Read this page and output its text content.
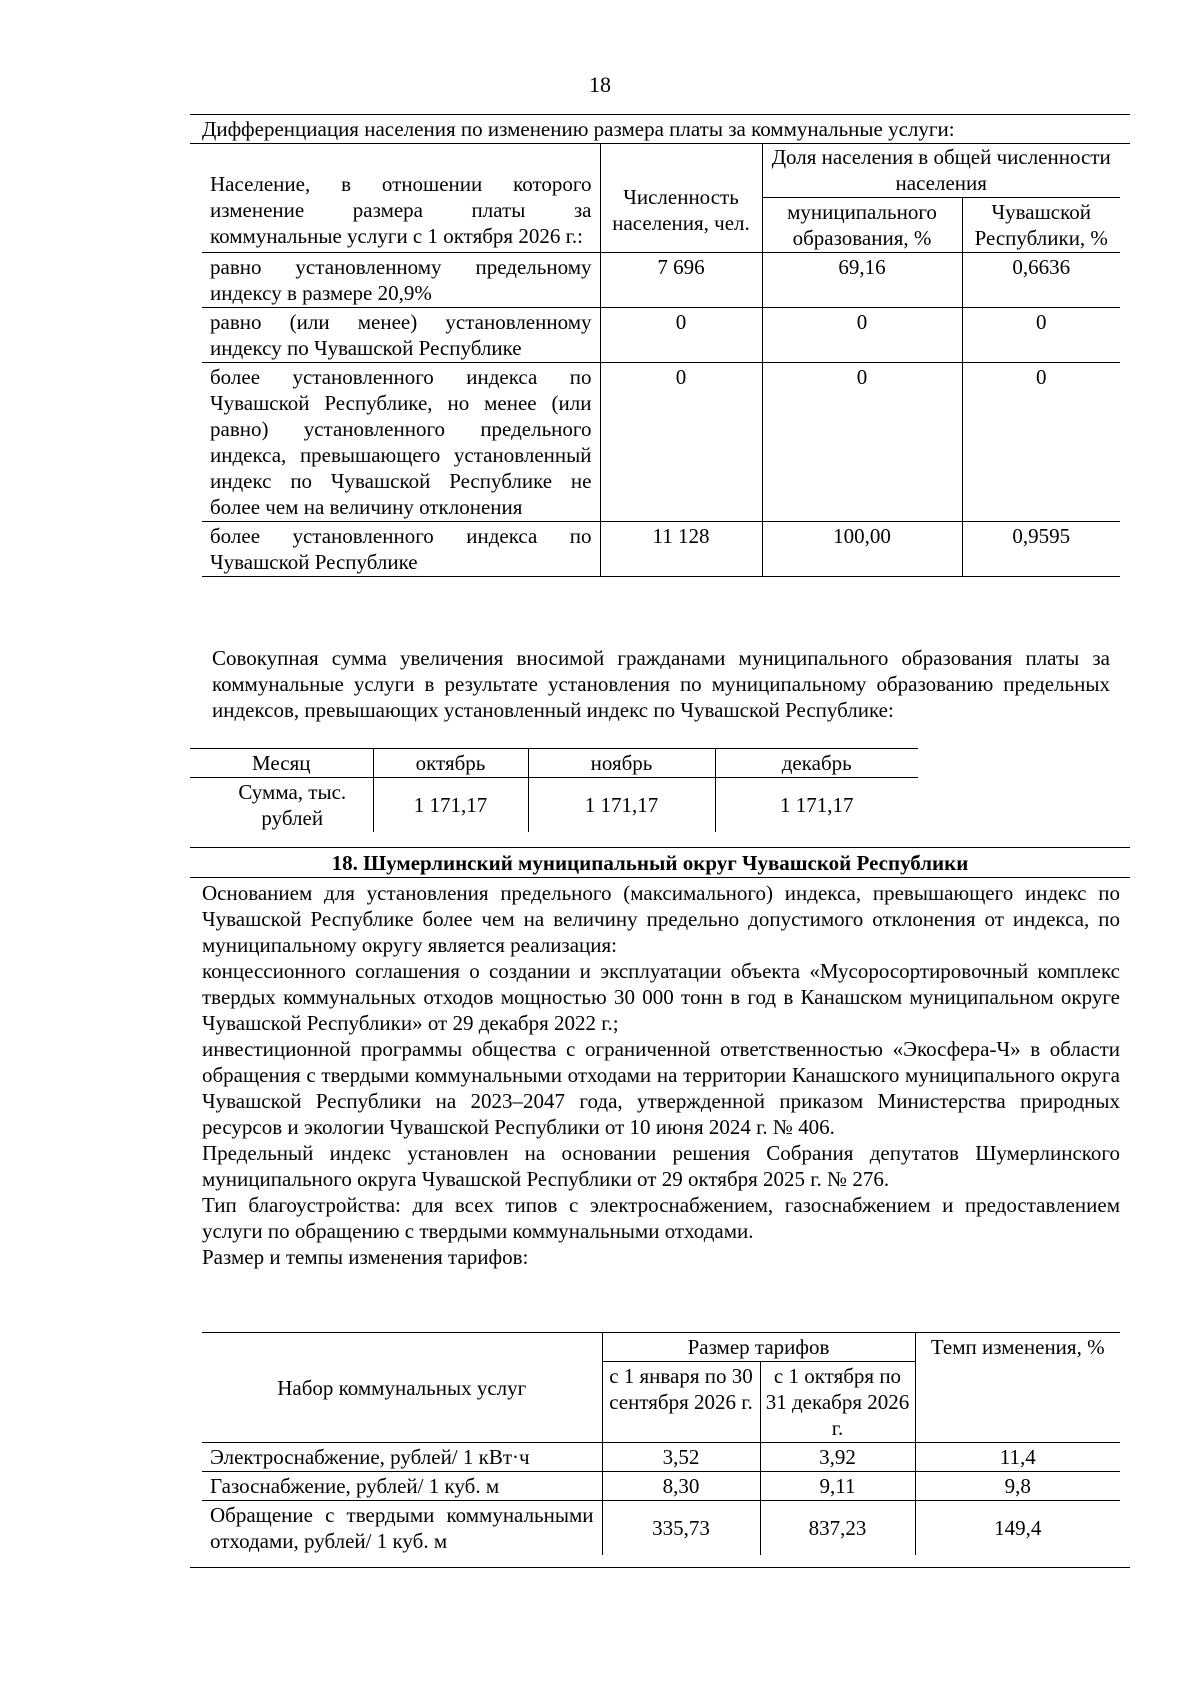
18
Дифференциация населения по изменению размера платы за коммунальные услуги:
Население, в отношении которого изменение размера платы за коммунальные услуги с 1 октября 2026 г.:	Численность населения, чел.	Доля населения в общей численности населения	
		муниципального образования, %	Чувашской Республики, %
равно установленному предельному индексу в размере 20,9%	7 696	69,16	0,6636
равно (или менее) установленному индексу по Чувашской Республике	0	0	0
более установленного индекса по Чувашской Республике, но менее (или равно) установленного предельного индекса, превышающего установленный индекс по Чувашской Республике не более чем на величину отклонения	0	0	0
более установленного индекса по Чувашской Республике	11 128	100,00	0,9595

Совокупная сумма увеличения вносимой гражданами муниципального образования платы за коммунальные услуги в результате установления по муниципальному образованию предельных индексов, превышающих установленный индекс по Чувашской Республике:

Месяц	октябрь	ноябрь	декабрь
Сумма, тыс. рублей	1 171,17	1 171,17	1 171,17
18. Шумерлинский муниципальный округ Чувашской Республики

Основанием для установления предельного (максимального) индекса, превышающего индекс по Чувашской Республике более чем на величину предельно допустимого отклонения от индекса, по муниципальному округу является реализация:

концессионного соглашения о создании и эксплуатации объекта «Мусоросортировочный комплекс твердых коммунальных отходов мощностью 30 000 тонн в год в Канашском муниципальном округе Чувашской Республики» от 29 декабря 2022 г.;

инвестиционной программы общества с ограниченной ответственностью «Экосфера-Ч» в области обращения с твердыми коммунальными отходами на территории Канашского муниципального округа Чувашской Республики на 2023–2047 года, утвержденной приказом Министерства природных ресурсов и экологии Чувашской Республики от 10 июня 2024 г. № 406.

Предельный индекс установлен на основании решения Собрания депутатов Шумерлинского муниципального округа Чувашской Республики от 29 октября 2025 г. № 276.

Тип благоустройства: для всех типов с электроснабжением, газоснабжением и предоставлением услуги по обращению с твердыми коммунальными отходами.

Размер и темпы изменения тарифов:

Набор коммунальных услуг	Размер тарифов		Темп изменения, %
	с 1 января по 30 сентября 2026 г.	с 1 октября по 31 декабря 2026 г.	
Электроснабжение, рублей/ 1 кВт·ч	3,52	3,92	11,4
Газоснабжение, рублей/ 1 куб. м	8,30	9,11	9,8
Обращение с твердыми коммунальными отходами, рублей/ 1 куб. м	335,73	837,23	149,4
